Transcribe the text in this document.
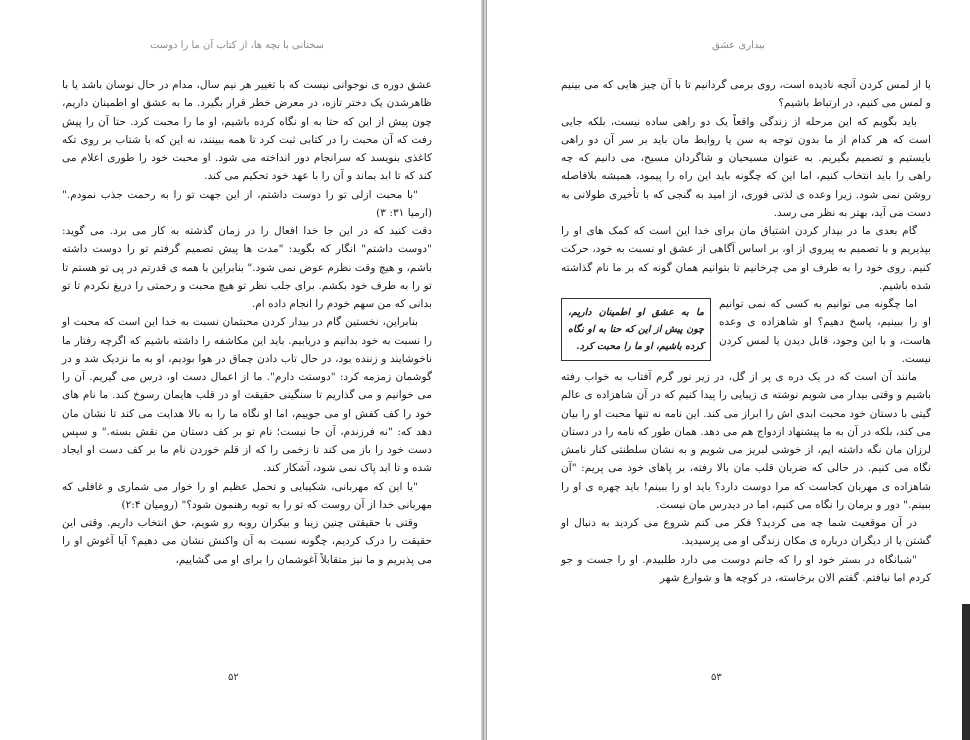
سخنانی با بچه ها، از کتاب آن ما را دوست

عشق دوره ی نوجوانی نیست که با تغییر هر نیم سال، مدام در حال نوسان باشد یا با ظاهرشدن یک دختر تازه، در معرض خطر قرار بگیرد. ما به عشق او اطمینان داریم، چون پیش از این که حتا به او نگاه کرده باشیم، او ما را محبت کرد. حتا آن را پیش رفت که آن محبت را در کتابی ثبت کرد تا همه ببینند، نه این که با شتاب بر روی تکه کاغذی بنویسد که سرانجام دور انداخته می شود. او محبت خود را طوری اعلام می کند که تا ابد بماند و آن را با عهد خود تحکیم می کند.

"با محبت ازلی تو را دوست داشتم، از این جهت تو را به رحمت جذب نمودم." (ارمیا ۳۱: ۳)

دقت کنید که در این جا خدا افعال را در زمان گذشته به کار می برد. می گوید: "دوست داشتم" انگار که بگوید: "مدت ها پیش تصمیم گرفتم تو را دوست داشته باشم، و هیچ وقت نظرم عوض نمی شود." بنابراین با همه ی قدرتم در پی تو هستم تا تو را به طرف خود بکشم. برای جلب نظر تو هیچ محبت و رحمتی را دریغ نکردم تا تو بدانی که من سهم خودم را انجام داده ام.

بنابراین، نخستین گام در بیدار کردن محبتمان نسبت به خدا این است که محبت او را نسبت به خود بدانیم و دریابیم. باید این مکاشفه را داشته باشیم که اگرچه رفتار ما ناخوشایند و زننده بود، در حال تاب دادن چماق در هوا بودیم، او به ما نزدیک شد و در گوشمان زمزمه کرد: "دوستت دارم". ما از اعمال دست او، درس می گیریم. آن را می خوانیم و می گذاریم تا سنگینی حقیقت او در قلب هایمان رسوخ کند. ما نام های خود را کف کفش او می جوییم، اما او نگاه ما را به بالا هدایت می کند تا نشان مان دهد که: "نه فرزندم، آن جا نیست؛ نام تو بر کف دستان من نقش بسته." و سپس دست خود را باز می کند تا زخمی را که از قلم خوردن نام ما بر کف دست او ایجاد شده و تا ابد پاک نمی شود، آشکار کند.

"یا این که مهربانی، شکیبایی و تحمل عظیم او را خوار می شماری و غافلی که مهربانی خدا از آن روست که تو را به توبه رهنمون شود؟" (رومیان ۲:۴)

وقتی با حقیقتی چنین زیبا و بیکران روبه رو شویم، حق انتخاب داریم. وقتی این حقیقت را درک کردیم، چگونه نسبت به آن واکنش نشان می دهیم؟ آیا آغوش او را می پذیریم و ما نیز متقابلاً آغوشمان را برای او می گشاییم،

۵۲
بیداری عشق

یا از لمس کردن آنچه نادیده است، روی برمی گردانیم تا با آن چیز هایی که می بینیم و لمس می کنیم، در ارتباط باشیم؟

باید بگویم که این مرحله از زندگی واقعاً یک دو راهی ساده نیست، بلکه جایی است که هر کدام از ما بدون توجه به سن یا روابط مان باید بر سر آن دو راهی بایستیم و تصمیم بگیریم. به عنوان مسیحیان و شاگردان مسیح، می دانیم که چه راهی را باید انتخاب کنیم، اما این که چگونه باید این راه را پیمود، همیشه بلافاصله روشن نمی شود. زیرا وعده ی لذتی فوری، از امید به گنجی که با تأخیری طولانی به دست می آید، بهتر به نظر می رسد.

گام بعدی ما در بیدار کردن اشتیاق مان برای خدا این است که کمک های او را بپذیریم و با تصمیم به پیروی از او، بر اساس آگاهی از عشق او نسبت به خود، حرکت کنیم. روی خود را به طرف او می چرخانیم تا بتوانیم همان گونه که بر ما نام گذاشته شده باشیم.

ما به عشق او اطمینان داریم، چون پیش از این که حتا به او نگاه کرده باشیم، او ما را محبت کرد.

اما چگونه می توانیم به کسی که نمی توانیم او را ببینیم، پاسخ دهیم؟ او شاهزاده ی وعده هاست، و با این وجود، قابل دیدن یا لمس کردن نیست.

مانند آن است که در یک دره ی پر از گل، در زیر نور گرم آفتاب به خواب رفته باشیم و وقتی بیدار می شویم نوشته ی زیبایی را پیدا کنیم که در آن شاهزاده ی عالم گیتی با دستان خود محبت ابدی اش را ابراز می کند. این نامه نه تنها محبت او را بیان می کند، بلکه در آن به ما پیشنهاد ازدواج هم می دهد. همان طور که نامه را در دستان لرزان مان نگه داشته ایم، از خوشی لبریز می شویم و به نشان سلطنتی کنار نامش نگاه می کنیم. در حالی که ضربان قلب مان بالا رفته، بر پاهای خود می پریم: "آن شاهزاده ی مهربان کجاست که مرا دوست دارد؟ باید او را ببینم! باید چهره ی او را ببینم." دور و برمان را نگاه می کنیم، اما در دیدرس مان نیست.

در آن موقعیت شما چه می کردید؟ فکر می کنم شروع می کردید به دنبال او گشتن یا از دیگران درباره ی مکان زندگی او می پرسیدید.

"شبانگاه در بستر خود او را که جانم دوست می دارد طلبیدم. او را جست و جو کردم اما نیافتم. گفتم الان برخاسته، در کوچه ها و شوارع شهر

۵۳
